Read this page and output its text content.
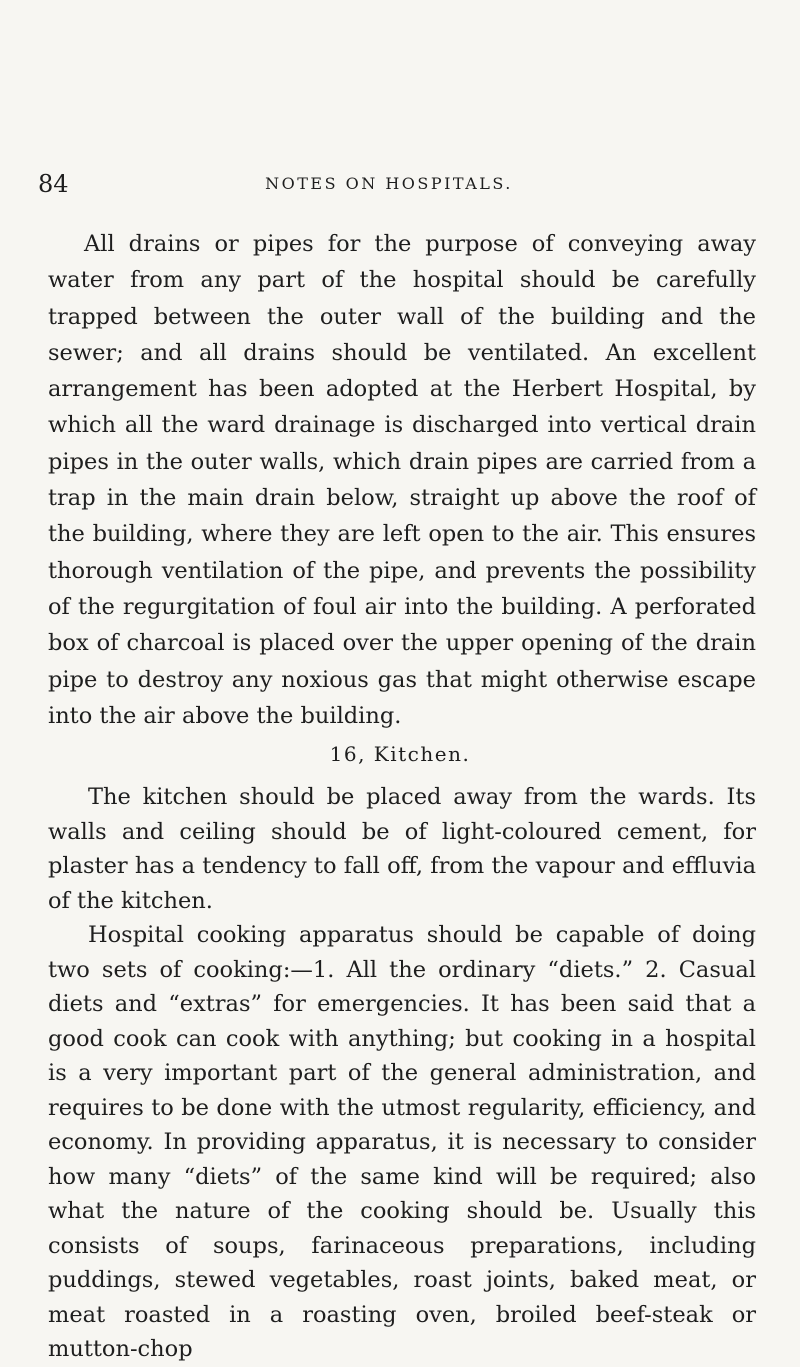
84	NOTES ON HOSPITALS.

All drains or pipes for the purpose of conveying away water from any part of the hospital should be carefully trapped between the outer wall of the building and the sewer; and all drains should be ventilated. An excellent arrangement has been adopted at the Herbert Hospital, by which all the ward drainage is discharged into vertical drain pipes in the outer walls, which drain pipes are carried from a trap in the main drain below, straight up above the roof of the building, where they are left open to the air. This ensures thorough ventilation of the pipe, and prevents the possibility of the regurgitation of foul air into the building. A perforated box of charcoal is placed over the upper opening of the drain pipe to destroy any noxious gas that might otherwise escape into the air above the building.

16, Kitchen.

The kitchen should be placed away from the wards. Its walls and ceiling should be of light-coloured cement, for plaster has a tendency to fall off, from the vapour and effluvia of the kitchen.

Hospital cooking apparatus should be capable of doing two sets of cooking:—1. All the ordinary “diets.” 2. Casual diets and “extras” for emergencies. It has been said that a good cook can cook with anything; but cooking in a hospital is a very important part of the general administration, and requires to be done with the utmost regularity, efficiency, and economy. In providing apparatus, it is necessary to consider how many “diets” of the same kind will be required; also what the nature of the cooking should be. Usually this consists of soups, farinaceous preparations, including puddings, stewed vegetables, roast joints, baked meat, or meat roasted in a roasting oven, broiled beef-steak or mutton-chop
